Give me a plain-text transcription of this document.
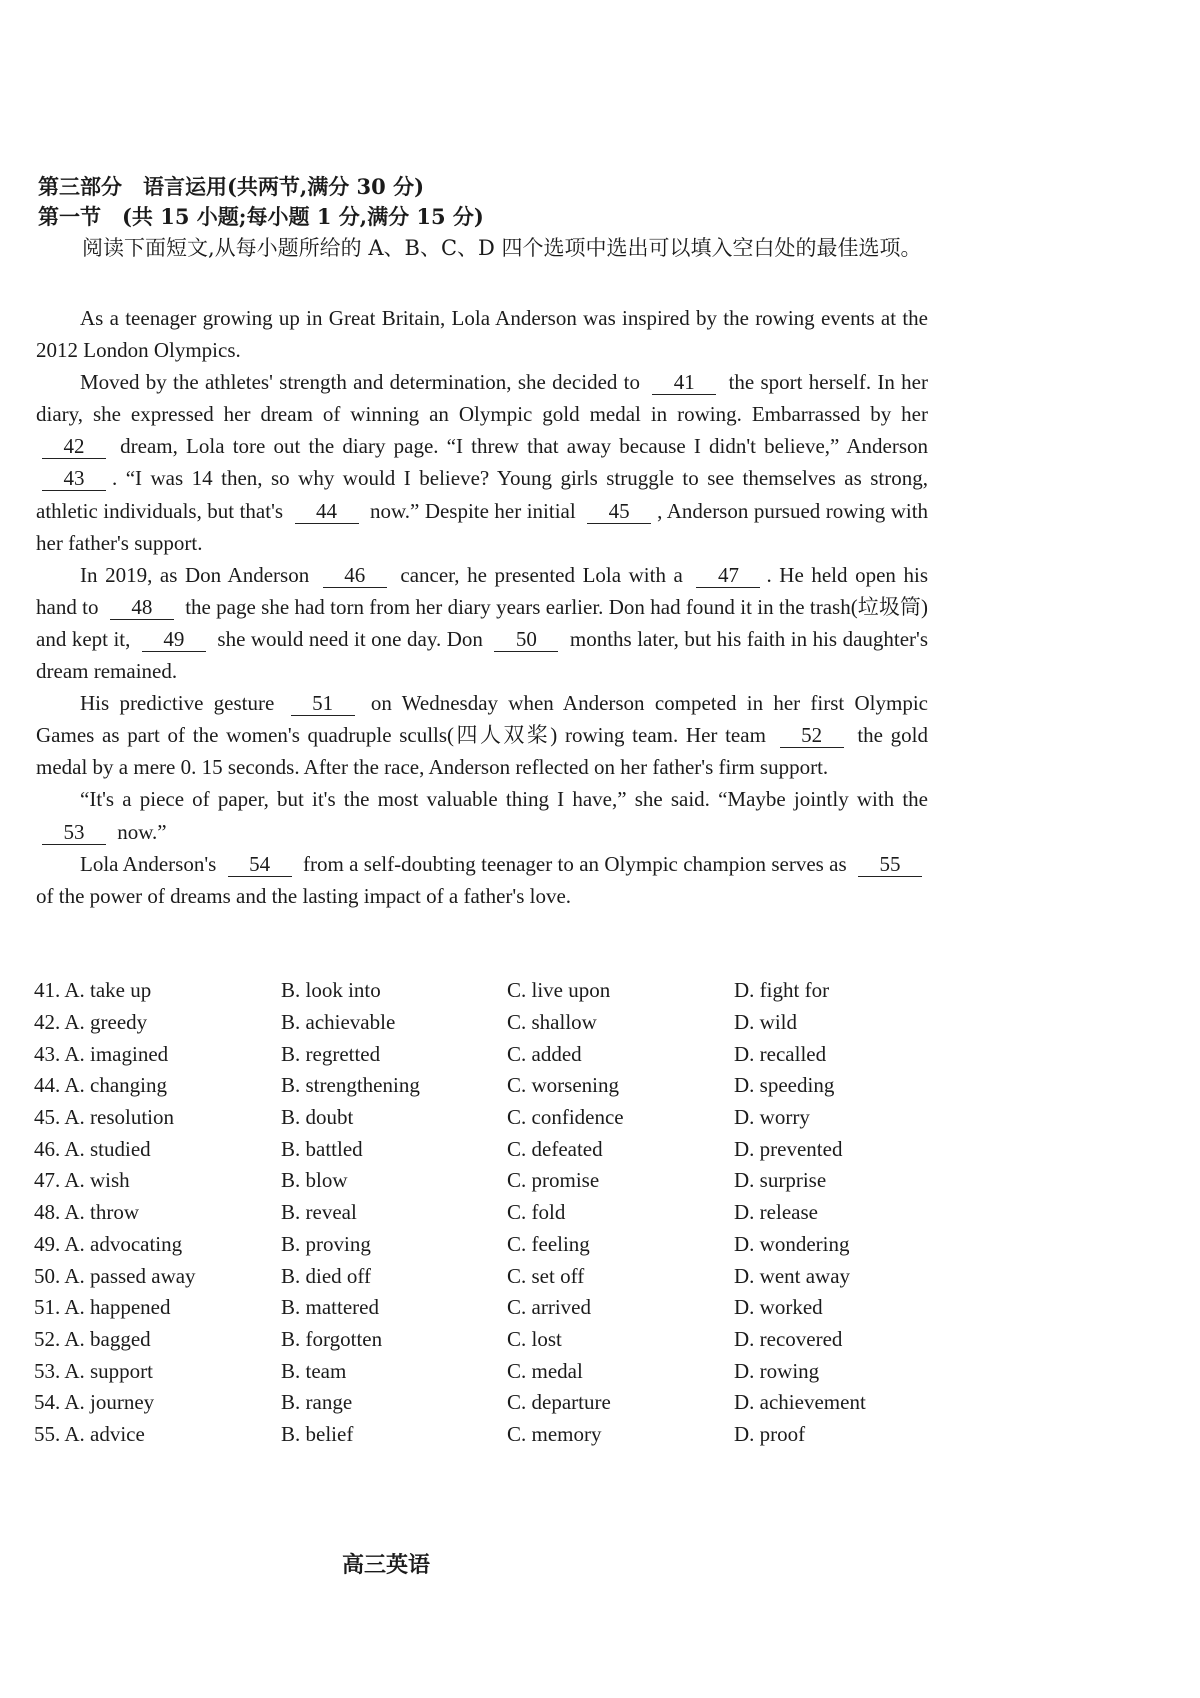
第三部分　语言运用(共两节,满分 30 分)
第一节　(共 15 小题;每小题 1 分,满分 15 分)
阅读下面短文,从每小题所给的 A、B、C、D 四个选项中选出可以填入空白处的最佳选项。

As a teenager growing up in Great Britain, Lola Anderson was inspired by the rowing events at the 2012 London Olympics.

Moved by the athletes' strength and determination, she decided to 41 the sport herself. In her diary, she expressed her dream of winning an Olympic gold medal in rowing. Embarrassed by her 42 dream, Lola tore out the diary page. “I threw that away because I didn't believe,” Anderson 43 . “I was 14 then, so why would I believe? Young girls struggle to see themselves as strong, athletic individuals, but that's 44 now.” Despite her initial 45 , Anderson pursued rowing with her father's support.

In 2019, as Don Anderson 46 cancer, he presented Lola with a 47 . He held open his hand to 48 the page she had torn from her diary years earlier. Don had found it in the trash(垃圾筒) and kept it, 49 she would need it one day. Don 50 months later, but his faith in his daughter's dream remained.

His predictive gesture 51 on Wednesday when Anderson competed in her first Olympic Games as part of the women's quadruple sculls(四人双桨) rowing team. Her team 52 the gold medal by a mere 0. 15 seconds. After the race, Anderson reflected on her father's firm support.

“It's a piece of paper, but it's the most valuable thing I have,” she said. “Maybe jointly with the 53 now.”

Lola Anderson's 54 from a self-doubting teenager to an Olympic champion serves as 55 of the power of dreams and the lasting impact of a father's love.

41. A. take up	B. look into	C. live upon	D. fight for
42. A. greedy	B. achievable	C. shallow	D. wild
43. A. imagined	B. regretted	C. added	D. recalled
44. A. changing	B. strengthening	C. worsening	D. speeding
45. A. resolution	B. doubt	C. confidence	D. worry
46. A. studied	B. battled	C. defeated	D. prevented
47. A. wish	B. blow	C. promise	D. surprise
48. A. throw	B. reveal	C. fold	D. release
49. A. advocating	B. proving	C. feeling	D. wondering
50. A. passed away	B. died off	C. set off	D. went away
51. A. happened	B. mattered	C. arrived	D. worked
52. A. bagged	B. forgotten	C. lost	D. recovered
53. A. support	B. team	C. medal	D. rowing
54. A. journey	B. range	C. departure	D. achievement
55. A. advice	B. belief	C. memory	D. proof
高三英语
